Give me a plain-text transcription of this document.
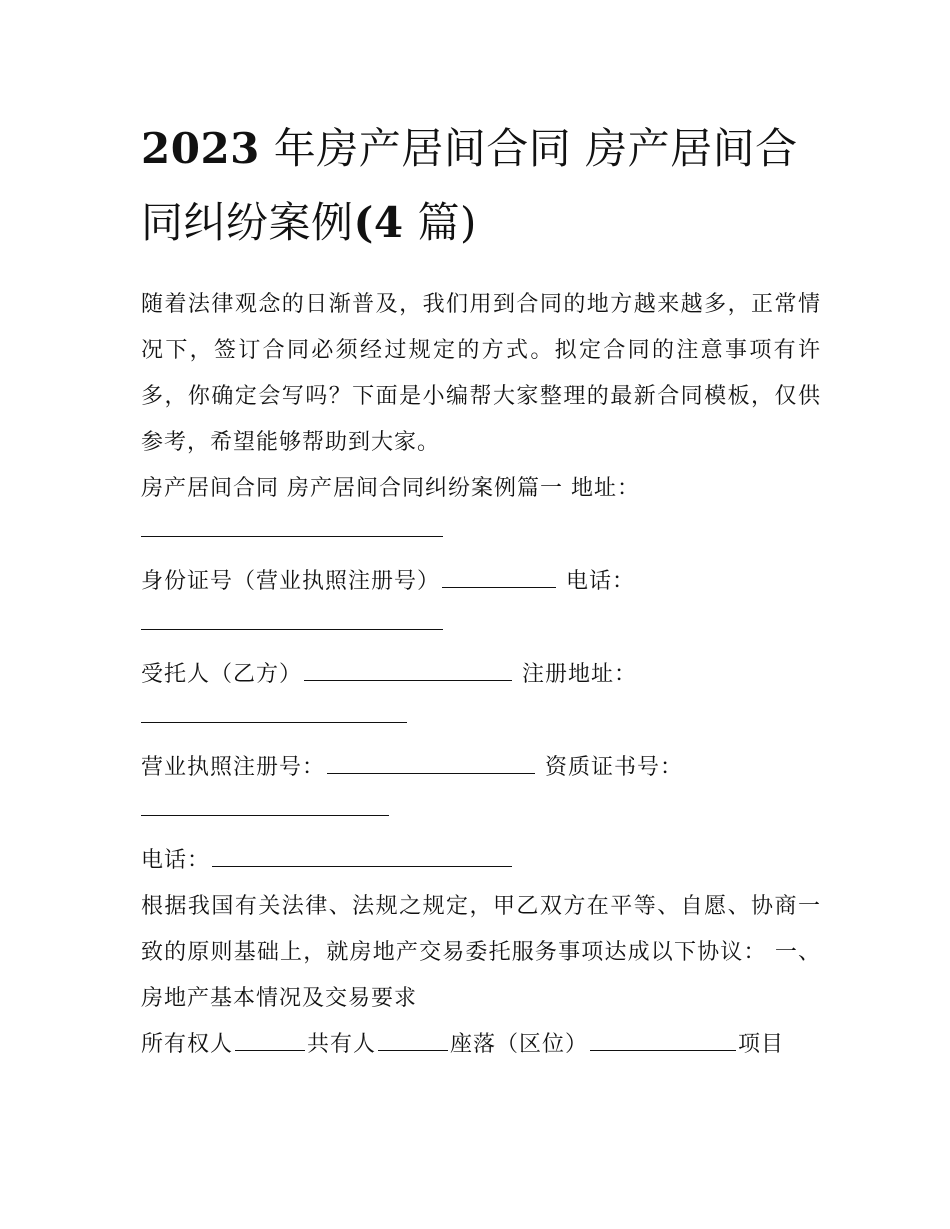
2023 年房产居间合同 房产居间合同纠纷案例(4 篇)

随着法律观念的日渐普及，我们用到合同的地方越来越多，正常情况下，签订合同必须经过规定的方式。拟定合同的注意事项有许多，你确定会写吗？下面是小编帮大家整理的最新合同模板，仅供参考，希望能够帮助到大家。

房产居间合同 房产居间合同纠纷案例篇一 地址：

身份证号（营业执照注册号）	电话：

受托人（乙方）	注册地址：

营业执照注册号：	资质证书号：

电话：

根据我国有关法律、法规之规定，甲乙双方在平等、自愿、协商一致的原则基础上，就房地产交易委托服务事项达成以下协议： 一、房地产基本情况及交易要求

所有权人	共有人	座落（区位）	项目
